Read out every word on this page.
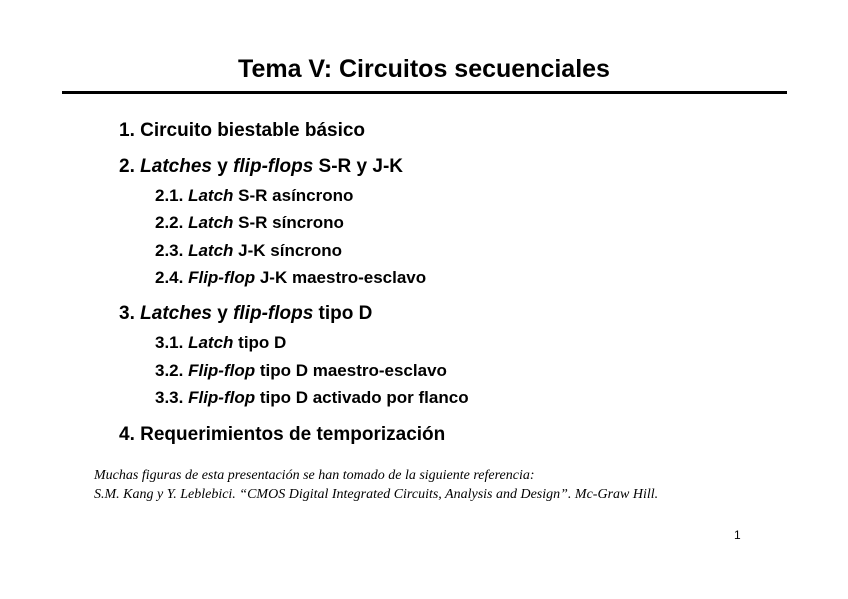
Tema V: Circuitos secuenciales
1. Circuito biestable básico
2. Latches y flip-flops S-R y J-K
2.1. Latch S-R asíncrono
2.2. Latch S-R síncrono
2.3. Latch J-K síncrono
2.4. Flip-flop J-K maestro-esclavo
3. Latches y flip-flops tipo D
3.1. Latch tipo D
3.2. Flip-flop tipo D maestro-esclavo
3.3. Flip-flop tipo D activado por flanco
4. Requerimientos de temporización
Muchas figuras de esta presentación se han tomado de la siguiente referencia:
S.M. Kang y Y. Leblebici. “CMOS Digital Integrated Circuits, Analysis and Design”. Mc-Graw Hill.
1
